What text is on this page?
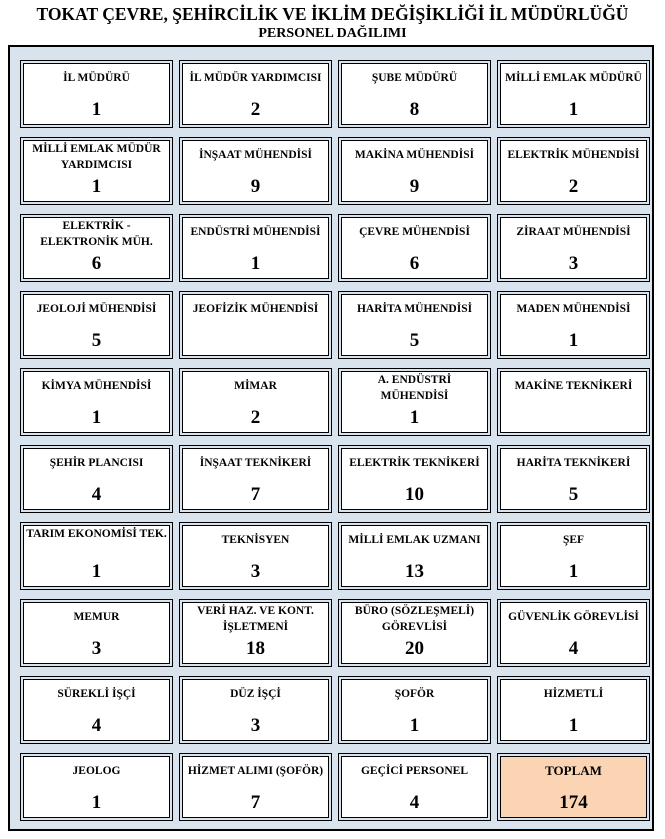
TOKAT ÇEVRE, ŞEHİRCİLİK VE İKLİM DEĞİŞİKLİĞİ İL MÜDÜRLÜĞÜ
PERSONEL DAĞILIMI
İL MÜDÜRÜ
1
İL MÜDÜR YARDIMCISI
2
ŞUBE MÜDÜRÜ
8
MİLLİ EMLAK MÜDÜRÜ
1
MİLLİ EMLAK MÜDÜR YARDIMCISI
1
İNŞAAT MÜHENDİSİ
9
MAKİNA MÜHENDİSİ
9
ELEKTRİK MÜHENDİSİ
2
ELEKTRİK - ELEKTRONİK MÜH.
6
ENDÜSTRİ MÜHENDİSİ
1
ÇEVRE MÜHENDİSİ
6
ZİRAAT MÜHENDİSİ
3
JEOLOJİ MÜHENDİSİ
5
JEOFİZİK MÜHENDİSİ	HARİTA MÜHENDİSİ
5
MADEN MÜHENDİSİ
1
KİMYA MÜHENDİSİ
1
MİMAR
2
A. ENDÜSTRİ MÜHENDİSİ
1
MAKİNE TEKNİKERİ
ŞEHİR PLANCISI
4
İNŞAAT TEKNİKERİ
7
ELEKTRİK TEKNİKERİ
10
HARİTA TEKNİKERİ
5
TARIM EKONOMİSİ TEK.
1
TEKNİSYEN
3
MİLLİ EMLAK UZMANI
13
ŞEF
1
MEMUR
3
VERİ HAZ. VE KONT. İŞLETMENİ
18
BÜRO (SÖZLEŞMELİ) GÖREVLİSİ
20
GÜVENLİK GÖREVLİSİ
4
SÜREKLİ İŞÇİ
4
DÜZ İŞÇİ
3
ŞOFÖR
1
HİZMETLİ
1
JEOLOG
1
HİZMET ALIMI (ŞOFÖR)
7
GEÇİCİ PERSONEL
4
TOPLAM
174
